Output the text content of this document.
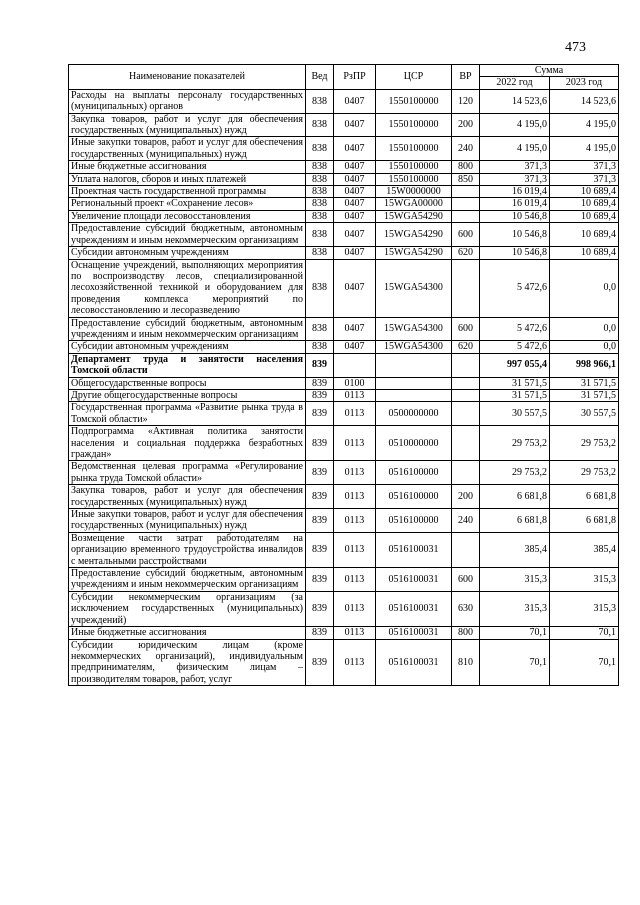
473
Наименование показателей	Вед	РзПР	ЦСР	ВР	Сумма	
					2022 год	2023 год
Расходы на выплаты персоналу государственных (муниципальных) органов	838	0407	1550100000	120	14 523,6	14 523,6
Закупка товаров, работ и услуг для обеспечения государственных (муниципальных) нужд	838	0407	1550100000	200	4 195,0	4 195,0
Иные закупки товаров, работ и услуг для обеспечения государственных (муниципальных) нужд	838	0407	1550100000	240	4 195,0	4 195,0
Иные бюджетные ассигнования	838	0407	1550100000	800	371,3	371,3
Уплата налогов, сборов и иных платежей	838	0407	1550100000	850	371,3	371,3
Проектная часть государственной программы	838	0407	15W0000000		16 019,4	10 689,4
Региональный проект «Сохранение лесов»	838	0407	15WGA00000		16 019,4	10 689,4
Увеличение площади лесовосстановления	838	0407	15WGA54290		10 546,8	10 689,4
Предоставление субсидий бюджетным, автономным учреждениям и иным некоммерческим организациям	838	0407	15WGA54290	600	10 546,8	10 689,4
Субсидии автономным учреждениям	838	0407	15WGA54290	620	10 546,8	10 689,4
Оснащение учреждений, выполняющих мероприятия по воспроизводству лесов, специализированной лесохозяйственной техникой и оборудованием для проведения комплекса мероприятий по лесовосстановлению и лесоразведению	838	0407	15WGA54300		5 472,6	0,0
Предоставление субсидий бюджетным, автономным учреждениям и иным некоммерческим организациям	838	0407	15WGA54300	600	5 472,6	0,0
Субсидии автономным учреждениям	838	0407	15WGA54300	620	5 472,6	0,0
Департамент труда и занятости населения Томской области	839				997 055,4	998 966,1
Общегосударственные вопросы	839	0100			31 571,5	31 571,5
Другие общегосударственные вопросы	839	0113			31 571,5	31 571,5
Государственная программа «Развитие рынка труда в Томской области»	839	0113	0500000000		30 557,5	30 557,5
Подпрограмма «Активная политика занятости населения и социальная поддержка безработных граждан»	839	0113	0510000000		29 753,2	29 753,2
Ведомственная целевая программа «Регулирование рынка труда Томской области»	839	0113	0516100000		29 753,2	29 753,2
Закупка товаров, работ и услуг для обеспечения государственных (муниципальных) нужд	839	0113	0516100000	200	6 681,8	6 681,8
Иные закупки товаров, работ и услуг для обеспечения государственных (муниципальных) нужд	839	0113	0516100000	240	6 681,8	6 681,8
Возмещение части затрат работодателям на организацию временного трудоустройства инвалидов с ментальными расстройствами	839	0113	0516100031		385,4	385,4
Предоставление субсидий бюджетным, автономным учреждениям и иным некоммерческим организациям	839	0113	0516100031	600	315,3	315,3
Субсидии некоммерческим организациям (за исключением государственных (муниципальных) учреждений)	839	0113	0516100031	630	315,3	315,3
Иные бюджетные ассигнования	839	0113	0516100031	800	70,1	70,1
Субсидии юридическим лицам (кроме некоммерческих организаций), индивидуальным предпринимателям, физическим лицам – производителям товаров, работ, услуг	839	0113	0516100031	810	70,1	70,1
